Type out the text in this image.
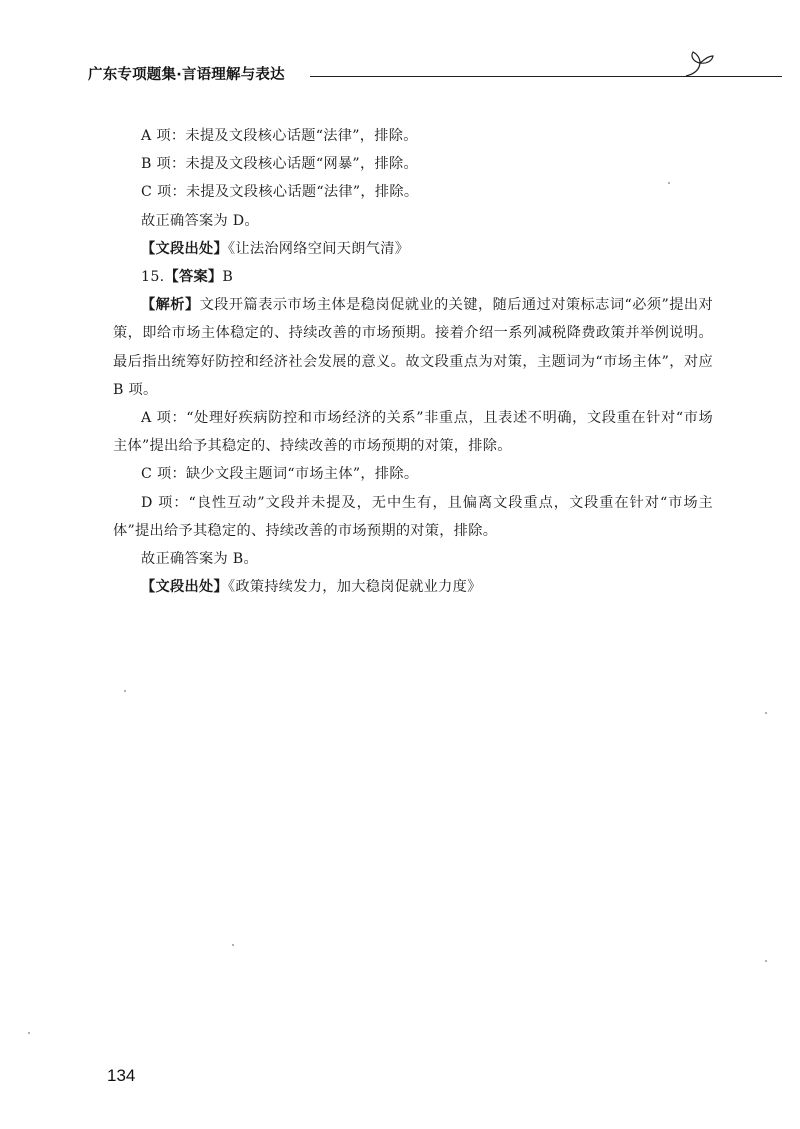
广东专项题集·言语理解与表达

A 项：未提及文段核心话题“法律”，排除。

B 项：未提及文段核心话题“网暴”，排除。

C 项：未提及文段核心话题“法律”，排除。

故正确答案为 D。

【文段出处】《让法治网络空间天朗气清》

15.【答案】B

【解析】文段开篇表示市场主体是稳岗促就业的关键，随后通过对策标志词“必须”提出对策，即给市场主体稳定的、持续改善的市场预期。接着介绍一系列减税降费政策并举例说明。最后指出统筹好防控和经济社会发展的意义。故文段重点为对策，主题词为“市场主体”，对应 B 项。

A 项：“处理好疾病防控和市场经济的关系”非重点，且表述不明确，文段重在针对“市场主体”提出给予其稳定的、持续改善的市场预期的对策，排除。

C 项：缺少文段主题词“市场主体”，排除。

D 项：“良性互动”文段并未提及，无中生有，且偏离文段重点，文段重在针对“市场主体”提出给予其稳定的、持续改善的市场预期的对策，排除。

故正确答案为 B。

【文段出处】《政策持续发力，加大稳岗促就业力度》

134
